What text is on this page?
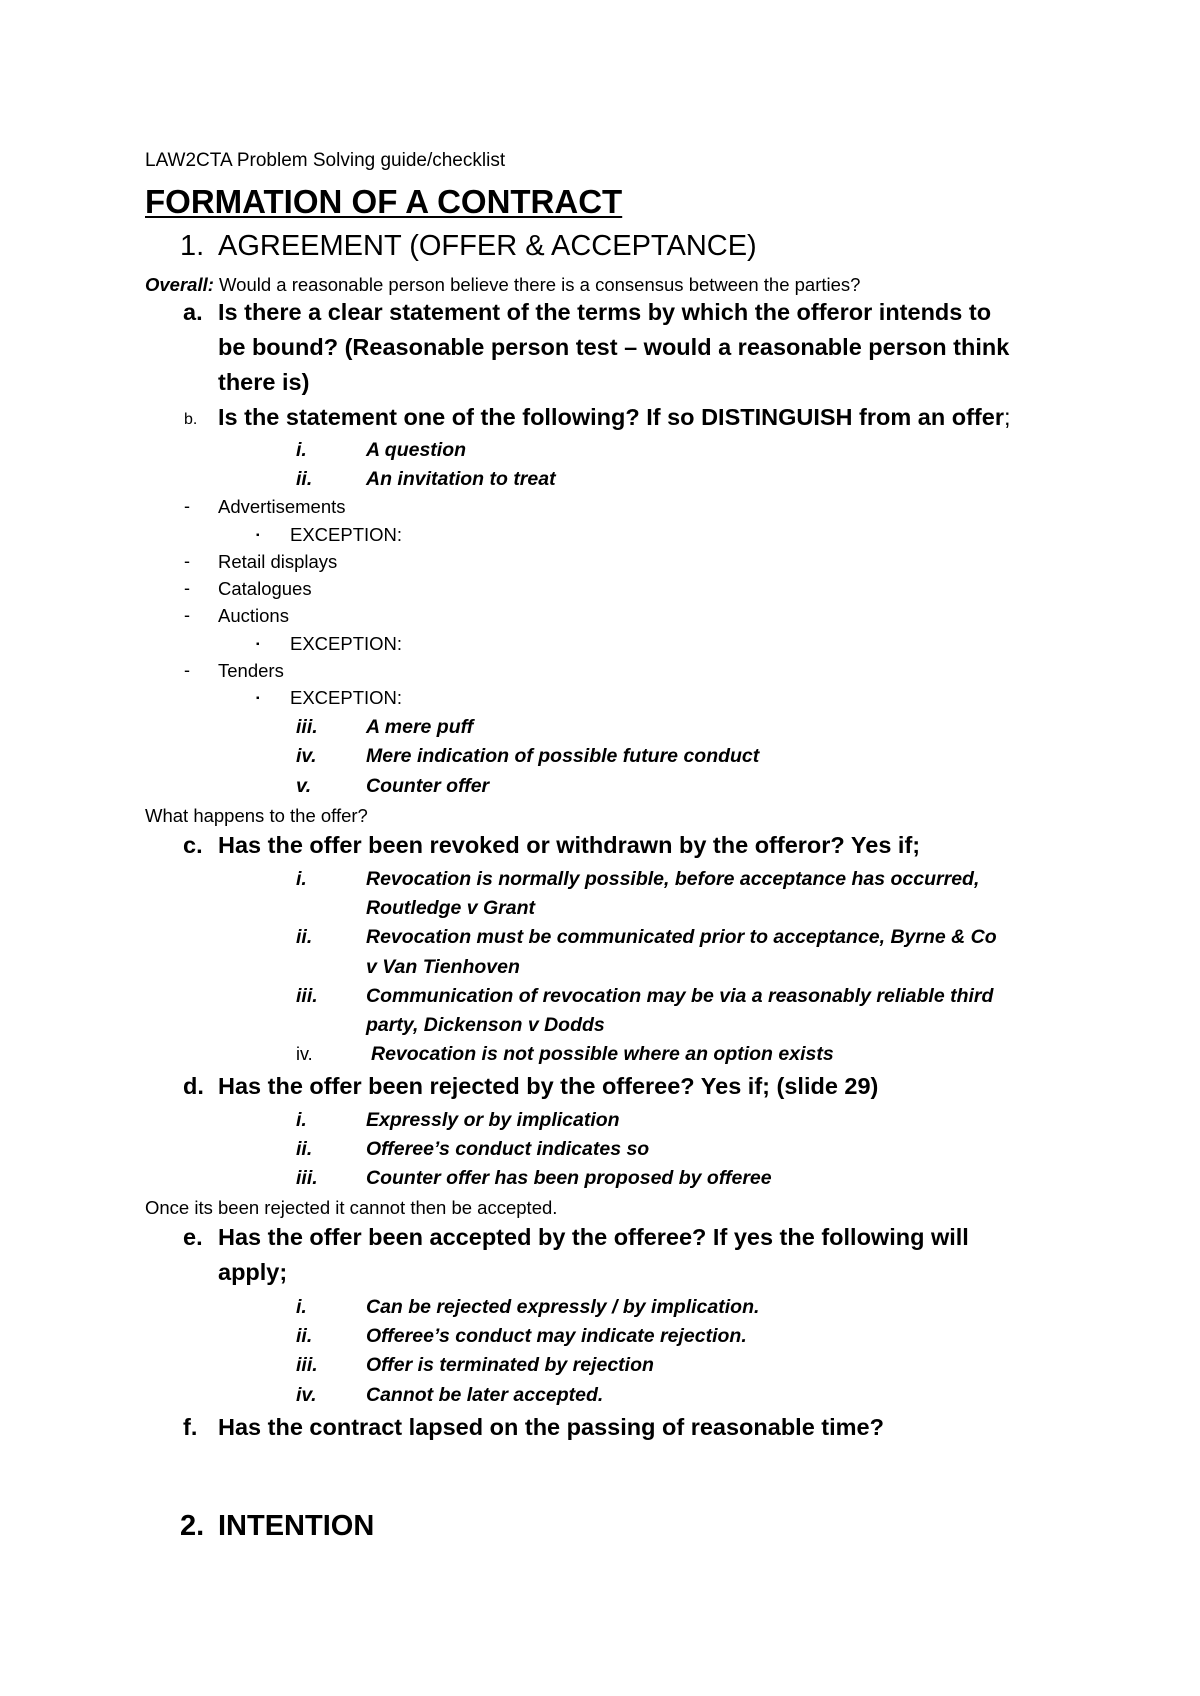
LAW2CTA Problem Solving guide/checklist
FORMATION OF A CONTRACT
1. AGREEMENT (OFFER & ACCEPTANCE)
Overall: Would a reasonable person believe there is a consensus between the parties?
a. Is there a clear statement of the terms by which the offeror intends to
be bound? (Reasonable person test – would a reasonable person think
there is)
b. Is the statement one of the following? If so DISTINGUISH from an offer;
i.	A question
ii.	An invitation to treat
- Advertisements
▪ EXCEPTION:
- Retail displays
- Catalogues
- Auctions
▪ EXCEPTION:
- Tenders
▪ EXCEPTION:
iii. A mere puff
iv.	Mere indication of possible future conduct
v.	Counter offer
What happens to the offer?
c. Has the offer been revoked or withdrawn by the offeror? Yes if;
i.	Revocation is normally possible, before acceptance has occurred,
Routledge v Grant
ii.	Revocation must be communicated prior to acceptance, Byrne & Co
v Van Tienhoven
iii. Communication of revocation may be via a reasonably reliable third
party, Dickenson v Dodds
iv.	Revocation is not possible where an option exists
d. Has the offer been rejected by the offeree? Yes if; (slide 29)
i.	Expressly or by implication
ii.	Offeree’s conduct indicates so
iii. Counter offer has been proposed by offeree
Once its been rejected it cannot then be accepted.
e. Has the offer been accepted by the offeree? If yes the following will
apply;
i.	Can be rejected expressly / by implication.
ii.	Offeree’s conduct may indicate rejection.
iii. Offer is terminated by rejection
iv.	Cannot be later accepted.
f. Has the contract lapsed on the passing of reasonable time?
2. INTENTION
